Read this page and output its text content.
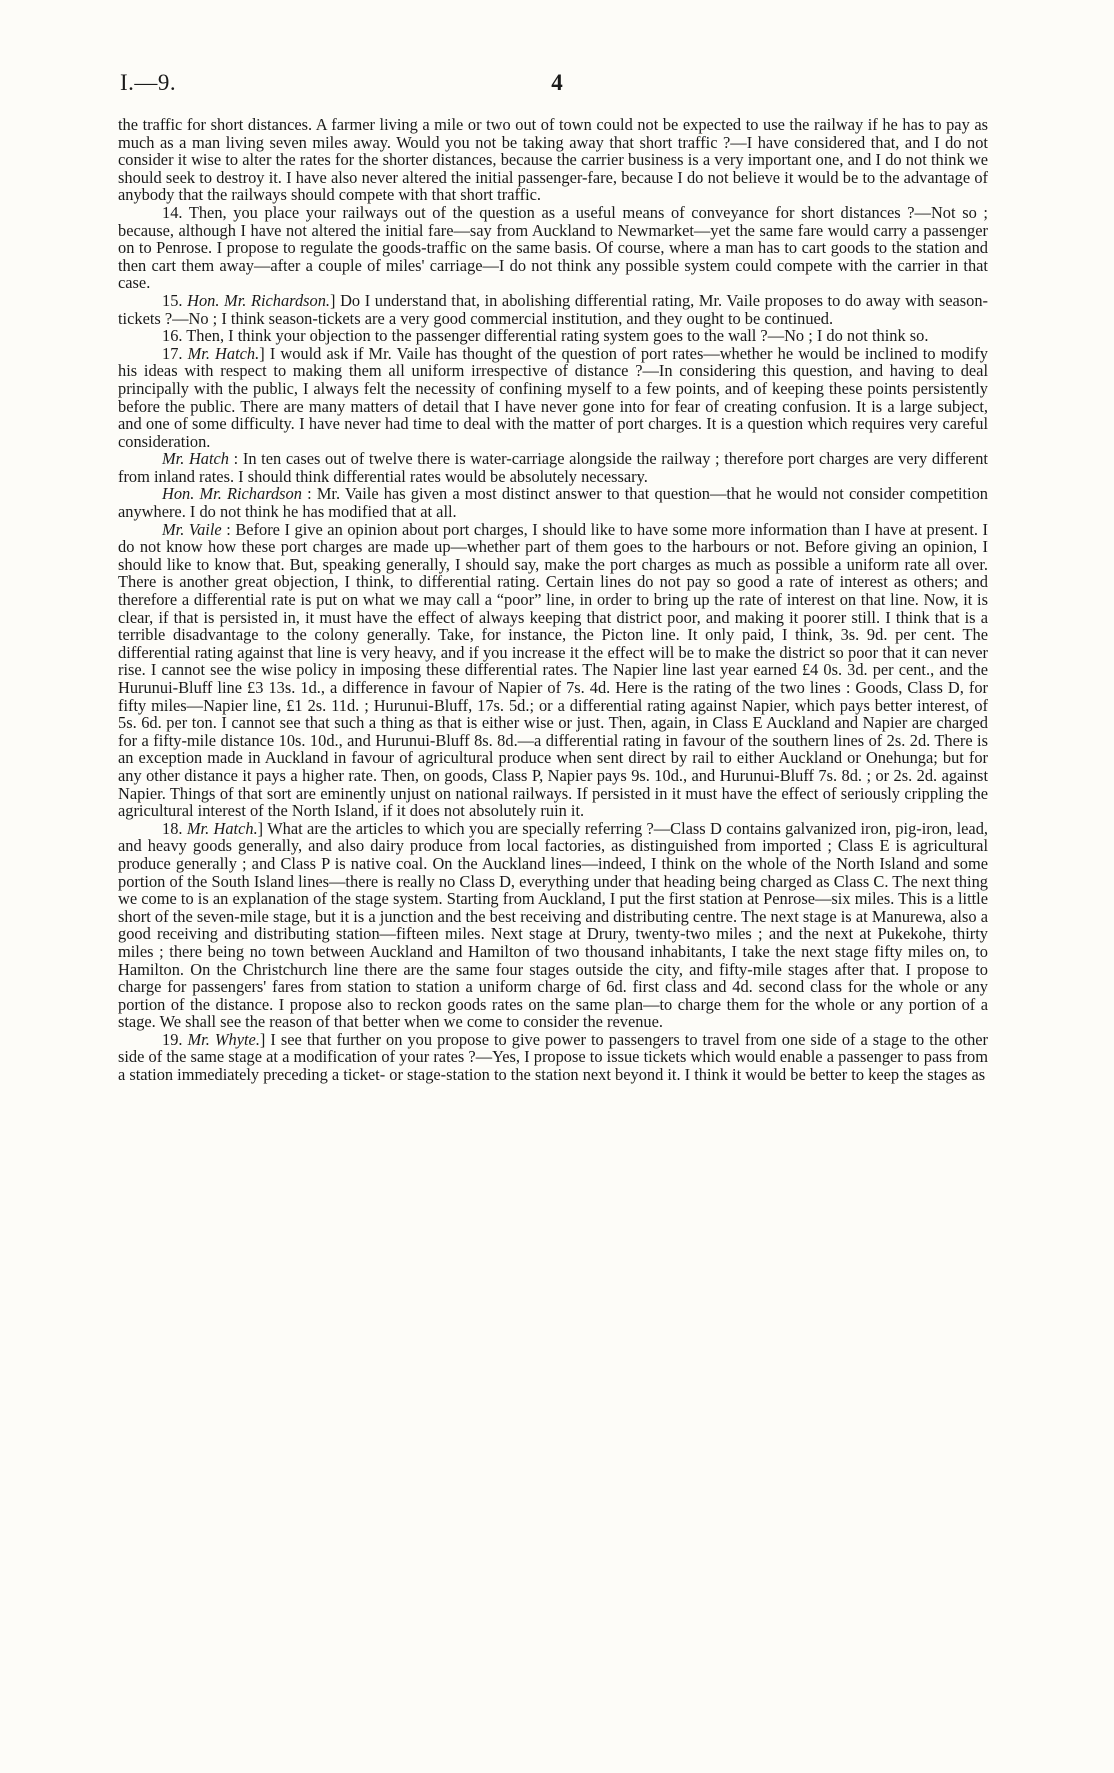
I.—9.	4

the traffic for short distances. A farmer living a mile or two out of town could not be expected to use the railway if he has to pay as much as a man living seven miles away. Would you not be taking away that short traffic ?—I have considered that, and I do not consider it wise to alter the rates for the shorter distances, because the carrier business is a very important one, and I do not think we should seek to destroy it. I have also never altered the initial passenger-fare, because I do not believe it would be to the advantage of anybody that the railways should compete with that short traffic.

14. Then, you place your railways out of the question as a useful means of conveyance for short distances ?—Not so ; because, although I have not altered the initial fare—say from Auckland to Newmarket—yet the same fare would carry a passenger on to Penrose. I propose to regulate the goods-traffic on the same basis. Of course, where a man has to cart goods to the station and then cart them away—after a couple of miles' carriage—I do not think any possible system could compete with the carrier in that case.

15. Hon. Mr. Richardson.] Do I understand that, in abolishing differential rating, Mr. Vaile proposes to do away with season-tickets ?—No ; I think season-tickets are a very good commercial institution, and they ought to be continued.

16. Then, I think your objection to the passenger differential rating system goes to the wall ?—No ; I do not think so.

17. Mr. Hatch.] I would ask if Mr. Vaile has thought of the question of port rates—whether he would be inclined to modify his ideas with respect to making them all uniform irrespective of distance ?—In considering this question, and having to deal principally with the public, I always felt the necessity of confining myself to a few points, and of keeping these points persistently before the public. There are many matters of detail that I have never gone into for fear of creating confusion. It is a large subject, and one of some difficulty. I have never had time to deal with the matter of port charges. It is a question which requires very careful consideration.

Mr. Hatch : In ten cases out of twelve there is water-carriage alongside the railway ; therefore port charges are very different from inland rates. I should think differential rates would be absolutely necessary.

Hon. Mr. Richardson : Mr. Vaile has given a most distinct answer to that question—that he would not consider competition anywhere. I do not think he has modified that at all.

Mr. Vaile : Before I give an opinion about port charges, I should like to have some more information than I have at present. I do not know how these port charges are made up—whether part of them goes to the harbours or not. Before giving an opinion, I should like to know that. But, speaking generally, I should say, make the port charges as much as possible a uniform rate all over. There is another great objection, I think, to differential rating. Certain lines do not pay so good a rate of interest as others; and therefore a differential rate is put on what we may call a “poor” line, in order to bring up the rate of interest on that line. Now, it is clear, if that is persisted in, it must have the effect of always keeping that district poor, and making it poorer still. I think that is a terrible disadvantage to the colony generally. Take, for instance, the Picton line. It only paid, I think, 3s. 9d. per cent. The differential rating against that line is very heavy, and if you increase it the effect will be to make the district so poor that it can never rise. I cannot see the wise policy in imposing these differential rates. The Napier line last year earned £4 0s. 3d. per cent., and the Hurunui-Bluff line £3 13s. 1d., a difference in favour of Napier of 7s. 4d. Here is the rating of the two lines : Goods, Class D, for fifty miles—Napier line, £1 2s. 11d. ; Hurunui-Bluff, 17s. 5d.; or a differential rating against Napier, which pays better interest, of 5s. 6d. per ton. I cannot see that such a thing as that is either wise or just. Then, again, in Class E Auckland and Napier are charged for a fifty-mile distance 10s. 10d., and Hurunui-Bluff 8s. 8d.—a differential rating in favour of the southern lines of 2s. 2d. There is an exception made in Auckland in favour of agricultural produce when sent direct by rail to either Auckland or Onehunga; but for any other distance it pays a higher rate. Then, on goods, Class P, Napier pays 9s. 10d., and Hurunui-Bluff 7s. 8d. ; or 2s. 2d. against Napier. Things of that sort are eminently unjust on national railways. If persisted in it must have the effect of seriously crippling the agricultural interest of the North Island, if it does not absolutely ruin it.

18. Mr. Hatch.] What are the articles to which you are specially referring ?—Class D contains galvanized iron, pig-iron, lead, and heavy goods generally, and also dairy produce from local factories, as distinguished from imported ; Class E is agricultural produce generally ; and Class P is native coal. On the Auckland lines—indeed, I think on the whole of the North Island and some portion of the South Island lines—there is really no Class D, everything under that heading being charged as Class C. The next thing we come to is an explanation of the stage system. Starting from Auckland, I put the first station at Penrose—six miles. This is a little short of the seven-mile stage, but it is a junction and the best receiving and distributing centre. The next stage is at Manurewa, also a good receiving and distributing station—fifteen miles. Next stage at Drury, twenty-two miles ; and the next at Pukekohe, thirty miles ; there being no town between Auckland and Hamilton of two thousand inhabitants, I take the next stage fifty miles on, to Hamilton. On the Christchurch line there are the same four stages outside the city, and fifty-mile stages after that. I propose to charge for passengers' fares from station to station a uniform charge of 6d. first class and 4d. second class for the whole or any portion of the distance. I propose also to reckon goods rates on the same plan—to charge them for the whole or any portion of a stage. We shall see the reason of that better when we come to consider the revenue.

19. Mr. Whyte.] I see that further on you propose to give power to passengers to travel from one side of a stage to the other side of the same stage at a modification of your rates ?—Yes, I propose to issue tickets which would enable a passenger to pass from a station immediately preceding a ticket- or stage-station to the station next beyond it. I think it would be better to keep the stages as
